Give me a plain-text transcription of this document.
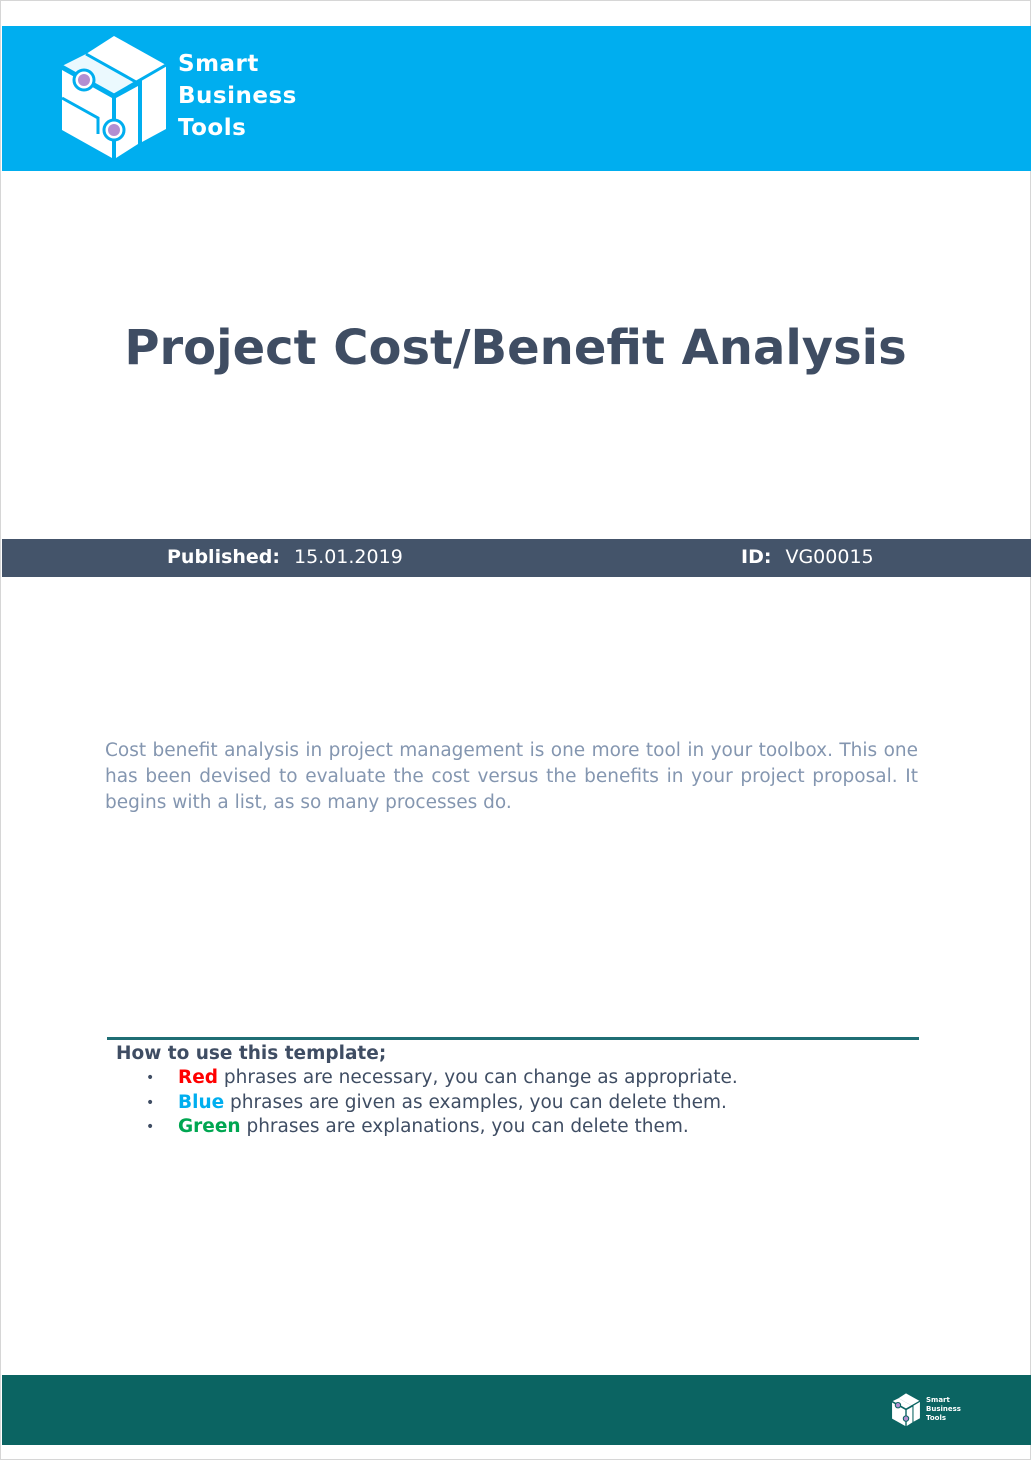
Smart
Business
Tools
Project Cost/Benefit Analysis
Published: 15.01.2019	ID: VG00015
Cost benefit analysis in project management is one more tool in your toolbox. This one has been devised to evaluate the cost versus the benefits in your project proposal. It begins with a list, as so many processes do.
How to use this template;
• Red phrases are necessary, you can change as appropriate.
• Blue phrases are given as examples, you can delete them.
• Green phrases are explanations, you can delete them.
Smart
Business
Tools
